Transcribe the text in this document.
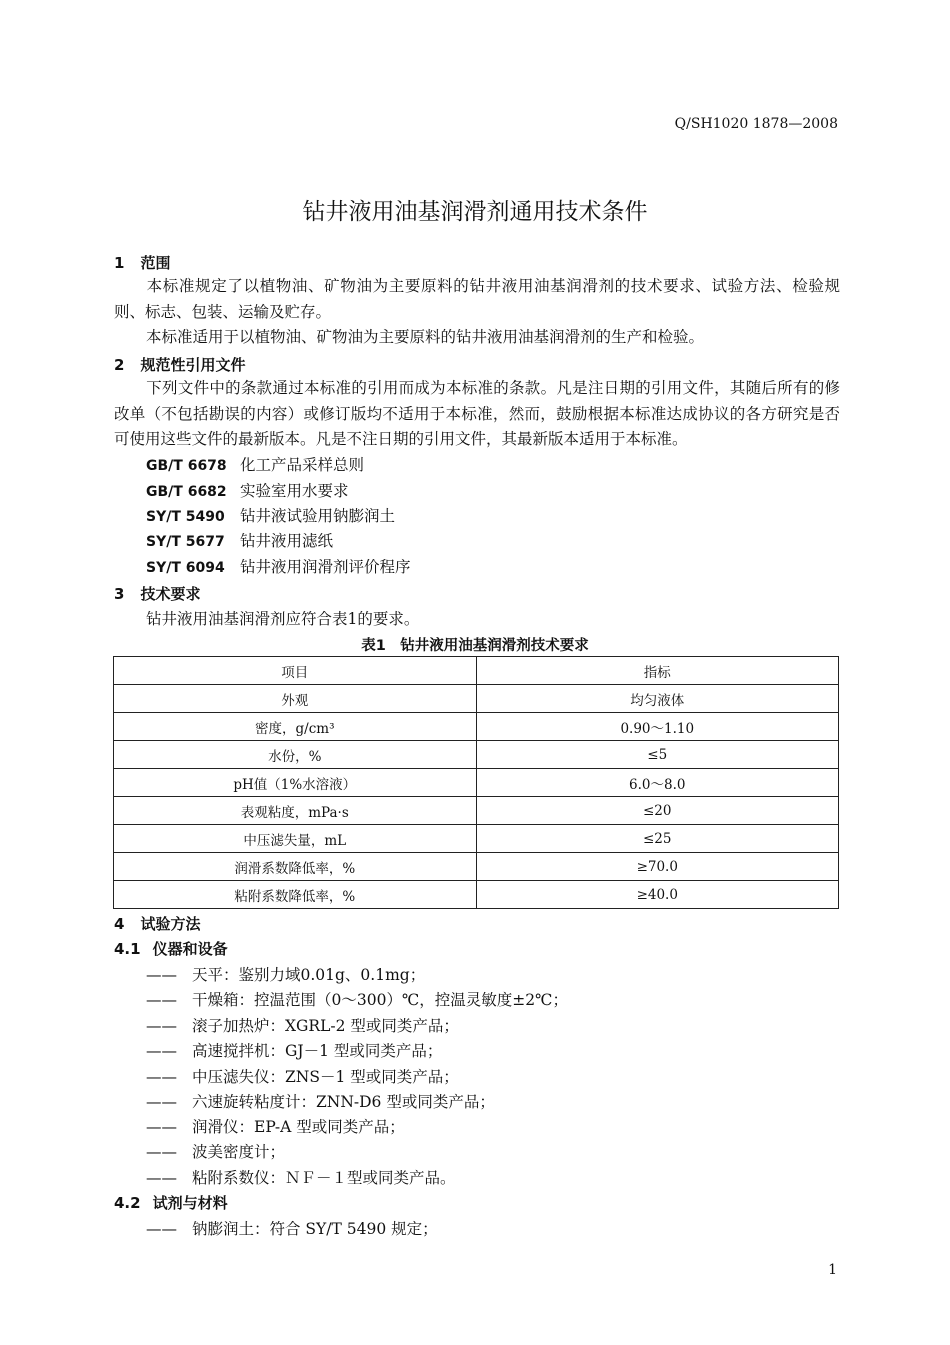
Q/SH1020 1878—2008
钻井液用油基润滑剂通用技术条件
1 范围
本标准规定了以植物油、矿物油为主要原料的钻井液用油基润滑剂的技术要求、试验方法、检验规则、标志、包装、运输及贮存。
本标准适用于以植物油、矿物油为主要原料的钻井液用油基润滑剂的生产和检验。
2 规范性引用文件
下列文件中的条款通过本标准的引用而成为本标准的条款。凡是注日期的引用文件，其随后所有的修改单（不包括勘误的内容）或修订版均不适用于本标准，然而，鼓励根据本标准达成协议的各方研究是否可使用这些文件的最新版本。凡是不注日期的引用文件，其最新版本适用于本标准。
GB/T 6678 化工产品采样总则
GB/T 6682 实验室用水要求
SY/T 5490 钻井液试验用钠膨润土
SY/T 5677 钻井液用滤纸
SY/T 6094 钻井液用润滑剂评价程序
3 技术要求
钻井液用油基润滑剂应符合表1的要求。
表1　钻井液用油基润滑剂技术要求
项目	指标
外观	均匀液体
密度，g/cm³	0.90～1.10
水份，%	≤5
pH值（1%水溶液）	6.0～8.0
表观粘度，mPa·s	≤20
中压滤失量，mL	≤25
润滑系数降低率，%	≥70.0
粘附系数降低率，%	≥40.0
4 试验方法
4.1 仪器和设备
—— 天平：鉴别力域0.01g、0.1mg；
—— 干燥箱：控温范围（0～300）℃，控温灵敏度±2℃；
—— 滚子加热炉：XGRL-2 型或同类产品；
—— 高速搅拌机：GJ－1 型或同类产品；
—— 中压滤失仪：ZNS－1 型或同类产品；
—— 六速旋转粘度计：ZNN-D6 型或同类产品；
—— 润滑仪：EP-A 型或同类产品；
—— 波美密度计；
—— 粘附系数仪：ＮＦ－１型或同类产品。
4.2 试剂与材料
—— 钠膨润土：符合 SY/T 5490 规定；
1
